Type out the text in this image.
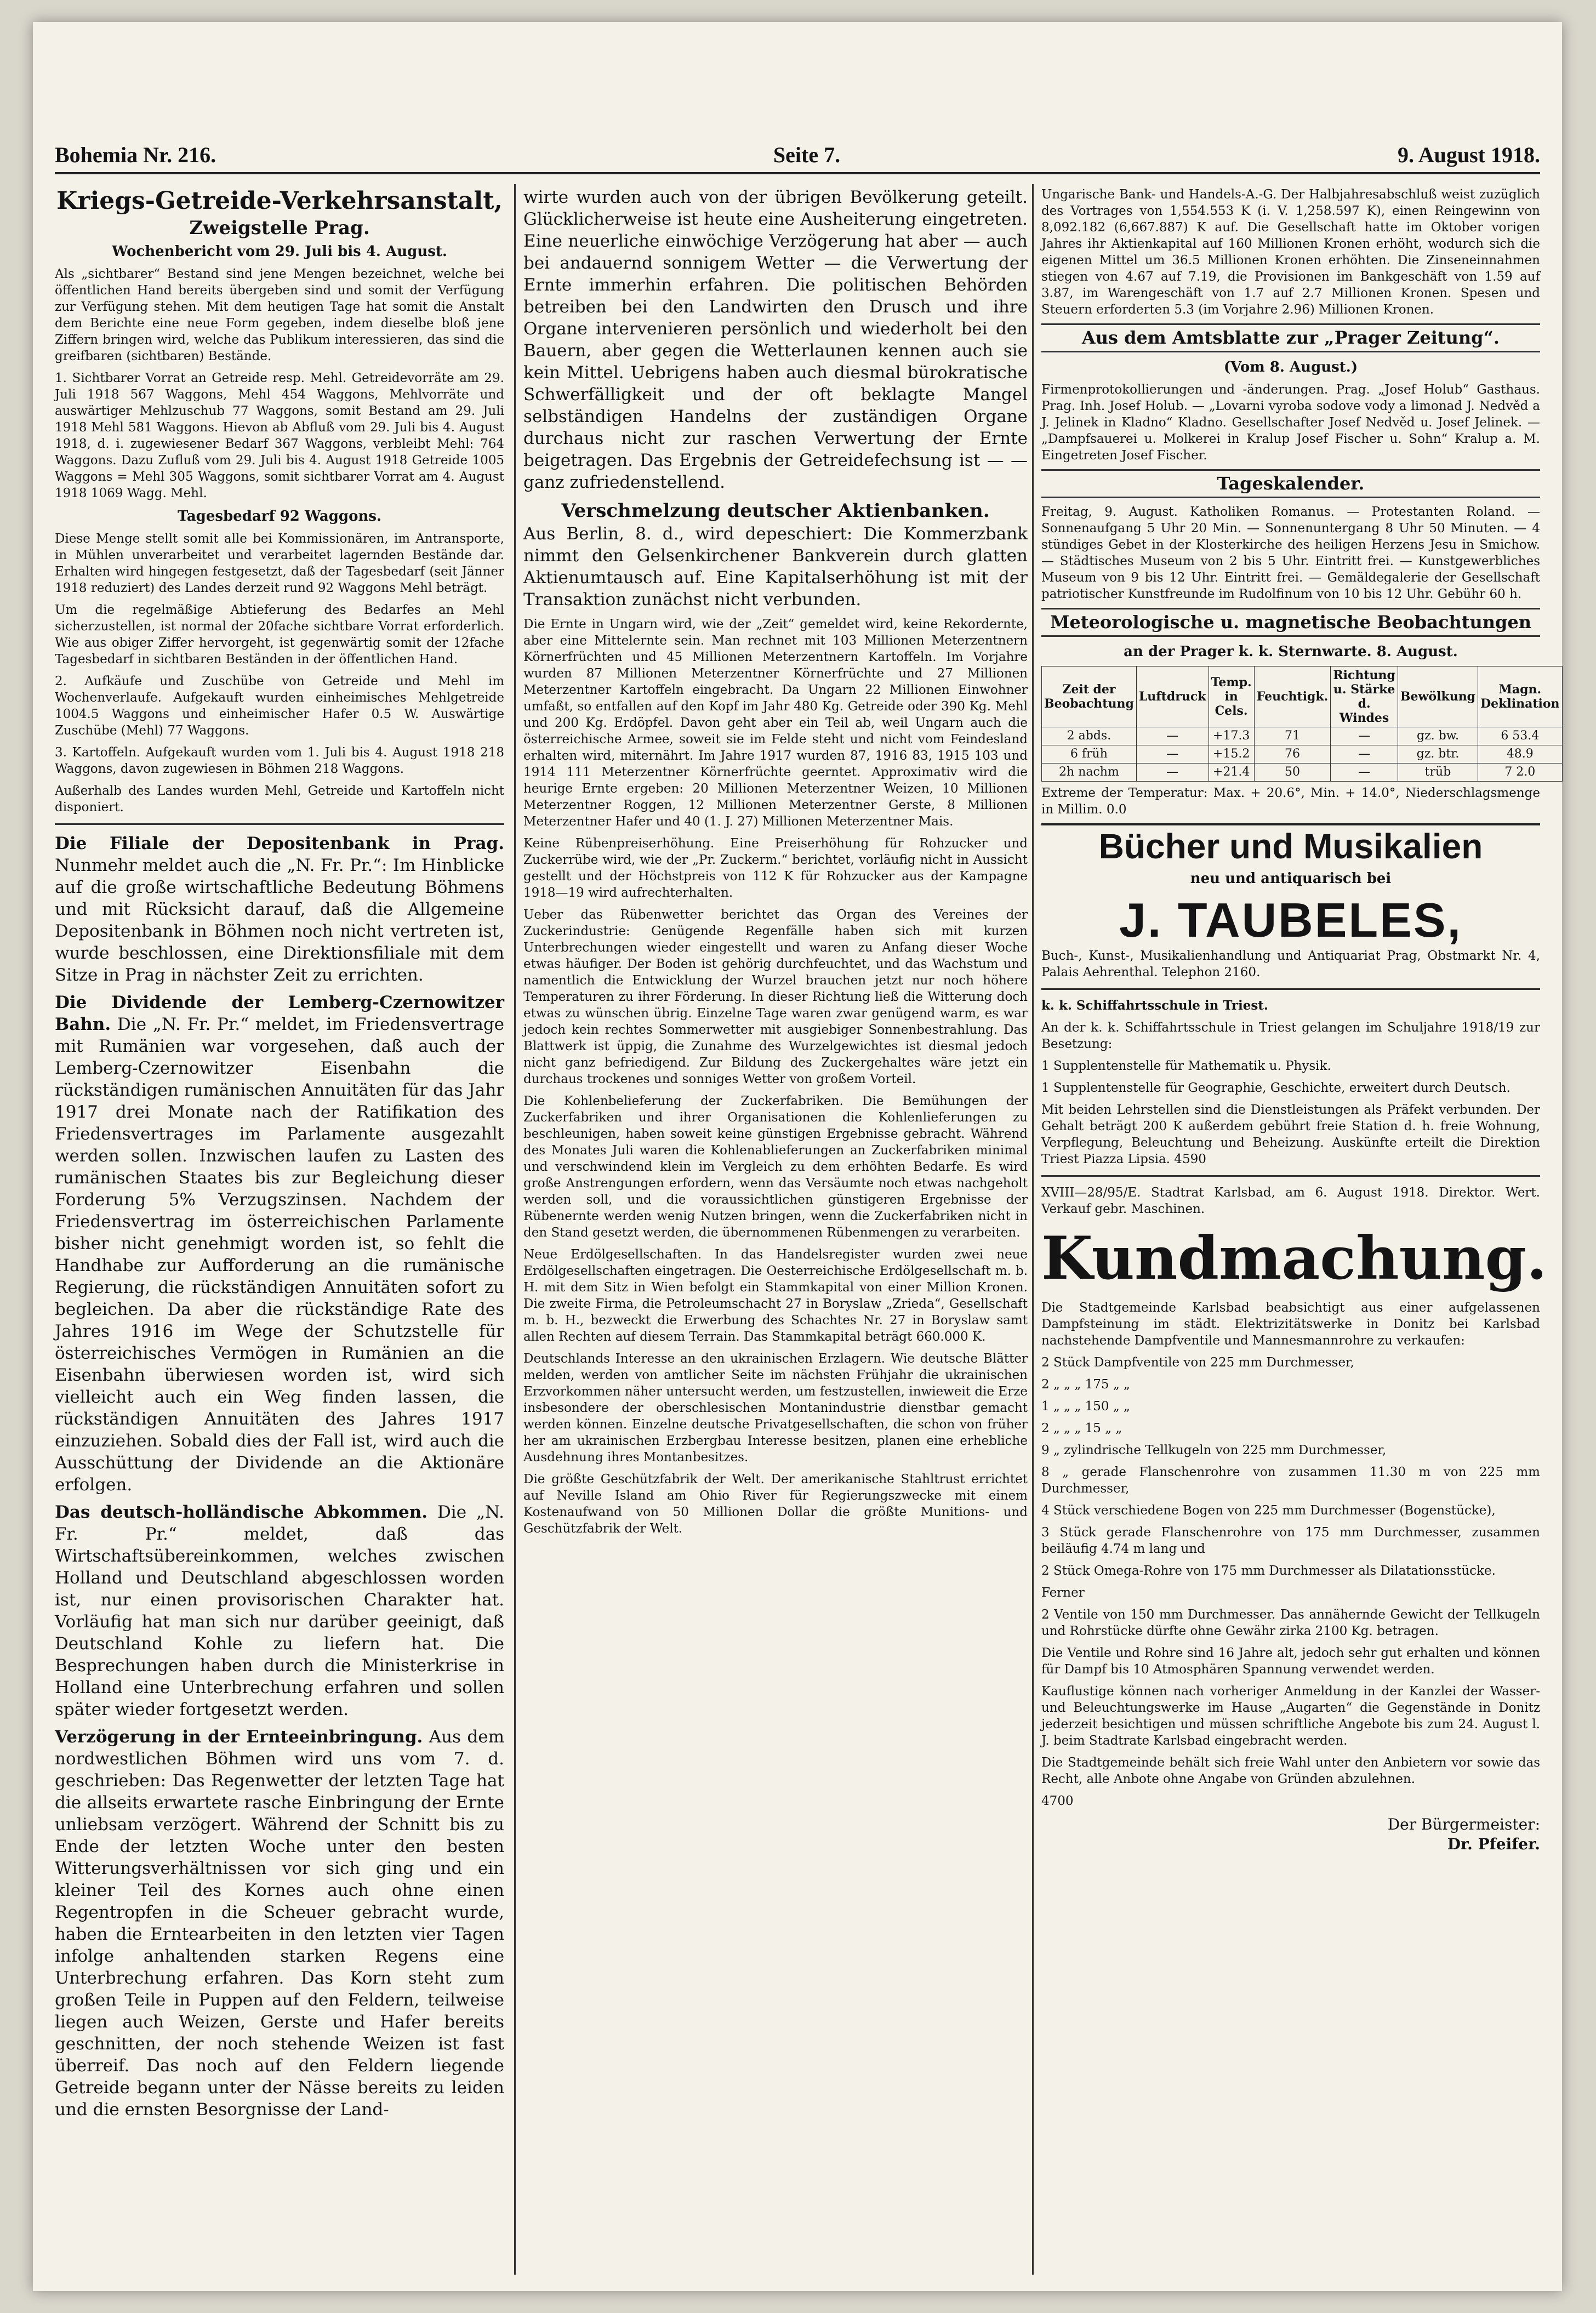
Bohemia Nr. 216.	Seite 7.	9. August 1918.
Kriegs-Getreide-Verkehrsanstalt,
Zweigstelle Prag.
Wochenbericht vom 29. Juli bis 4. August.

Als „sichtbarer“ Bestand sind jene Mengen bezeichnet, welche bei öffentlichen Hand bereits übergeben sind und somit der Verfügung zur Verfügung stehen. Mit dem heutigen Tage hat somit die Anstalt dem Berichte eine neue Form gegeben, indem dieselbe bloß jene Ziffern bringen wird, welche das Publikum interessieren, das sind die greifbaren (sichtbaren) Bestände.

1. Sichtbarer Vorrat an Getreide resp. Mehl. Getreidevorräte am 29. Juli 1918 567 Waggons, Mehl 454 Waggons, Mehlvorräte und auswärtiger Mehlzuschub 77 Waggons, somit Bestand am 29. Juli 1918 Mehl 581 Waggons. Hievon ab Abfluß vom 29. Juli bis 4. August 1918, d. i. zugewiesener Bedarf 367 Waggons, verbleibt Mehl: 764 Waggons. Dazu Zufluß vom 29. Juli bis 4. August 1918 Getreide 1005 Waggons = Mehl 305 Waggons, somit sichtbarer Vorrat am 4. August 1918 1069 Wagg. Mehl.

Tagesbedarf 92 Waggons.

Diese Menge stellt somit alle bei Kommissionären, im Antransporte, in Mühlen unverarbeitet und verarbeitet lagernden Bestände dar. Erhalten wird hingegen festgesetzt, daß der Tagesbedarf (seit Jänner 1918 reduziert) des Landes derzeit rund 92 Waggons Mehl beträgt.

Um die regelmäßige Abtieferung des Bedarfes an Mehl sicherzustellen, ist normal der 20fache sichtbare Vorrat erforderlich. Wie aus obiger Ziffer hervorgeht, ist gegenwärtig somit der 12fache Tagesbedarf in sichtbaren Beständen in der öffentlichen Hand.

2. Aufkäufe und Zuschübe von Getreide und Mehl im Wochenverlaufe. Aufgekauft wurden einheimisches Mehlgetreide 1004.5 Waggons und einheimischer Hafer 0.5 W. Auswärtige Zuschübe (Mehl) 77 Waggons.

3. Kartoffeln. Aufgekauft wurden vom 1. Juli bis 4. August 1918 218 Waggons, davon zugewiesen in Böhmen 218 Waggons.

Außerhalb des Landes wurden Mehl, Getreide und Kartoffeln nicht disponiert.

Die Filiale der Depositenbank in Prag. Nunmehr meldet auch die „N. Fr. Pr.“: Im Hinblicke auf die große wirtschaftliche Bedeutung Böhmens und mit Rücksicht darauf, daß die Allgemeine Depositenbank in Böhmen noch nicht vertreten ist, wurde beschlossen, eine Direktionsfiliale mit dem Sitze in Prag in nächster Zeit zu errichten.

Die Dividende der Lemberg-Czernowitzer Bahn. Die „N. Fr. Pr.“ meldet, im Friedensvertrage mit Rumänien war vorgesehen, daß auch der Lemberg-Czernowitzer Eisenbahn die rückständigen rumänischen Annuitäten für das Jahr 1917 drei Monate nach der Ratifikation des Friedensvertrages im Parlamente ausgezahlt werden sollen. Inzwischen laufen zu Lasten des rumänischen Staates bis zur Begleichung dieser Forderung 5% Verzugszinsen. Nachdem der Friedensvertrag im österreichischen Parlamente bisher nicht genehmigt worden ist, so fehlt die Handhabe zur Aufforderung an die rumänische Regierung, die rückständigen Annuitäten sofort zu begleichen. Da aber die rückständige Rate des Jahres 1916 im Wege der Schutzstelle für österreichisches Vermögen in Rumänien an die Eisenbahn überwiesen worden ist, wird sich vielleicht auch ein Weg finden lassen, die rückständigen Annuitäten des Jahres 1917 einzuziehen. Sobald dies der Fall ist, wird auch die Ausschüttung der Dividende an die Aktionäre erfolgen.

Das deutsch-holländische Abkommen. Die „N. Fr. Pr.“ meldet, daß das Wirtschaftsübereinkommen, welches zwischen Holland und Deutschland abgeschlossen worden ist, nur einen provisorischen Charakter hat. Vorläufig hat man sich nur darüber geeinigt, daß Deutschland Kohle zu liefern hat. Die Besprechungen haben durch die Ministerkrise in Holland eine Unterbrechung erfahren und sollen später wieder fortgesetzt werden.

Verzögerung in der Ernteeinbringung. Aus dem nordwestlichen Böhmen wird uns vom 7. d. geschrieben: Das Regenwetter der letzten Tage hat die allseits erwartete rasche Einbringung der Ernte unliebsam verzögert. Während der Schnitt bis zu Ende der letzten Woche unter den besten Witterungsverhältnissen vor sich ging und ein kleiner Teil des Kornes auch ohne einen Regentropfen in die Scheuer gebracht wurde, haben die Erntearbeiten in den letzten vier Tagen infolge anhaltenden starken Regens eine Unterbrechung erfahren. Das Korn steht zum großen Teile in Puppen auf den Feldern, teilweise liegen auch Weizen, Gerste und Hafer bereits geschnitten, der noch stehende Weizen ist fast überreif. Das noch auf den Feldern liegende Getreide begann unter der Nässe bereits zu leiden und die ernsten Besorgnisse der Land-

wirte wurden auch von der übrigen Bevölkerung geteilt. Glücklicherweise ist heute eine Ausheiterung eingetreten. Eine neuerliche einwöchige Verzögerung hat aber — auch bei andauernd sonnigem Wetter — die Verwertung der Ernte immerhin erfahren. Die politischen Behörden betreiben bei den Landwirten den Drusch und ihre Organe intervenieren persönlich und wiederholt bei den Bauern, aber gegen die Wetterlaunen kennen auch sie kein Mittel. Uebrigens haben auch diesmal bürokratische Schwerfälligkeit und der oft beklagte Mangel selbständigen Handelns der zuständigen Organe durchaus nicht zur raschen Verwertung der Ernte beigetragen. Das Ergebnis der Getreidefechsung ist — — ganz zufriedenstellend.

Verschmelzung deutscher Aktienbanken.

Aus Berlin, 8. d., wird depeschiert: Die Kommerzbank nimmt den Gelsenkirchener Bankverein durch glatten Aktienumtausch auf. Eine Kapitalserhöhung ist mit der Transaktion zunächst nicht verbunden.

Die Ernte in Ungarn wird, wie der „Zeit“ gemeldet wird, keine Rekordernte, aber eine Mittelernte sein. Man rechnet mit 103 Millionen Meterzentnern Körnerfrüchten und 45 Millionen Meterzentnern Kartoffeln. Im Vorjahre wurden 87 Millionen Meterzentner Körnerfrüchte und 27 Millionen Meterzentner Kartoffeln eingebracht. Da Ungarn 22 Millionen Einwohner umfaßt, so entfallen auf den Kopf im Jahr 480 Kg. Getreide oder 390 Kg. Mehl und 200 Kg. Erdöpfel. Davon geht aber ein Teil ab, weil Ungarn auch die österreichische Armee, soweit sie im Felde steht und nicht vom Feindesland erhalten wird, miternährt. Im Jahre 1917 wurden 87, 1916 83, 1915 103 und 1914 111 Meterzentner Körnerfrüchte geerntet. Approximativ wird die heurige Ernte ergeben: 20 Millionen Meterzentner Weizen, 10 Millionen Meterzentner Roggen, 12 Millionen Meterzentner Gerste, 8 Millionen Meterzentner Hafer und 40 (1. J. 27) Millionen Meterzentner Mais.

Keine Rübenpreiserhöhung. Eine Preiserhöhung für Rohzucker und Zuckerrübe wird, wie der „Pr. Zuckerm.“ berichtet, vorläufig nicht in Aussicht gestellt und der Höchstpreis von 112 K für Rohzucker aus der Kampagne 1918—19 wird aufrechterhalten.

Ueber das Rübenwetter berichtet das Organ des Vereines der Zuckerindustrie: Genügende Regenfälle haben sich mit kurzen Unterbrechungen wieder eingestellt und waren zu Anfang dieser Woche etwas häufiger. Der Boden ist gehörig durchfeuchtet, und das Wachstum und namentlich die Entwicklung der Wurzel brauchen jetzt nur noch höhere Temperaturen zu ihrer Förderung. In dieser Richtung ließ die Witterung doch etwas zu wünschen übrig. Einzelne Tage waren zwar genügend warm, es war jedoch kein rechtes Sommerwetter mit ausgiebiger Sonnenbestrahlung. Das Blattwerk ist üppig, die Zunahme des Wurzelgewichtes ist diesmal jedoch nicht ganz befriedigend. Zur Bildung des Zuckergehaltes wäre jetzt ein durchaus trockenes und sonniges Wetter von großem Vorteil.

Die Kohlenbelieferung der Zuckerfabriken. Die Bemühungen der Zuckerfabriken und ihrer Organisationen die Kohlenlieferungen zu beschleunigen, haben soweit keine günstigen Ergebnisse gebracht. Während des Monates Juli waren die Kohlenablieferungen an Zuckerfabriken minimal und verschwindend klein im Vergleich zu dem erhöhten Bedarfe. Es wird große Anstrengungen erfordern, wenn das Versäumte noch etwas nachgeholt werden soll, und die voraussichtlichen günstigeren Ergebnisse der Rübenernte werden wenig Nutzen bringen, wenn die Zuckerfabriken nicht in den Stand gesetzt werden, die übernommenen Rübenmengen zu verarbeiten.

Neue Erdölgesellschaften. In das Handelsregister wurden zwei neue Erdölgesellschaften eingetragen. Die Oesterreichische Erdölgesellschaft m. b. H. mit dem Sitz in Wien befolgt ein Stammkapital von einer Million Kronen. Die zweite Firma, die Petroleumschacht 27 in Boryslaw „Zrieda“, Gesellschaft m. b. H., bezweckt die Erwerbung des Schachtes Nr. 27 in Boryslaw samt allen Rechten auf diesem Terrain. Das Stammkapital beträgt 660.000 K.

Deutschlands Interesse an den ukrainischen Erzlagern. Wie deutsche Blätter melden, werden von amtlicher Seite im nächsten Frühjahr die ukrainischen Erzvorkommen näher untersucht werden, um festzustellen, inwieweit die Erze insbesondere der oberschlesischen Montanindustrie dienstbar gemacht werden können. Einzelne deutsche Privatgesellschaften, die schon von früher her am ukrainischen Erzbergbau Interesse besitzen, planen eine erhebliche Ausdehnung ihres Montanbesitzes.

Die größte Geschützfabrik der Welt. Der amerikanische Stahltrust errichtet auf Neville Island am Ohio River für Regierungszwecke mit einem Kostenaufwand von 50 Millionen Dollar die größte Munitions- und Geschützfabrik der Welt.

Ungarische Bank- und Handels-A.-G. Der Halbjahresabschluß weist zuzüglich des Vortrages von 1,554.553 K (i. V. 1,258.597 K), einen Reingewinn von 8,092.182 (6,667.887) K auf. Die Gesellschaft hatte im Oktober vorigen Jahres ihr Aktienkapital auf 160 Millionen Kronen erhöht, wodurch sich die eigenen Mittel um 36.5 Millionen Kronen erhöhten. Die Zinseneinnahmen stiegen von 4.67 auf 7.19, die Provisionen im Bankgeschäft von 1.59 auf 3.87, im Warengeschäft von 1.7 auf 2.7 Millionen Kronen. Spesen und Steuern erforderten 5.3 (im Vorjahre 2.96) Millionen Kronen.

Aus dem Amtsblatte zur „Prager Zeitung“.
(Vom 8. August.)

Firmenprotokollierungen und -änderungen. Prag. „Josef Holub“ Gasthaus. Prag. Inh. Josef Holub. — „Lovarni vyroba sodove vody a limonad J. Nedvěd a J. Jelinek in Kladno“ Kladno. Gesellschafter Josef Nedvěd u. Josef Jelinek. — „Dampfsauerei u. Molkerei in Kralup Josef Fischer u. Sohn“ Kralup a. M. Eingetreten Josef Fischer.

Tageskalender.

Freitag, 9. August. Katholiken Romanus. — Protestanten Roland. — Sonnenaufgang 5 Uhr 20 Min. — Sonnenuntergang 8 Uhr 50 Minuten. — 4 stündiges Gebet in der Klosterkirche des heiligen Herzens Jesu in Smichow. — Städtisches Museum von 2 bis 5 Uhr. Eintritt frei. — Kunstgewerbliches Museum von 9 bis 12 Uhr. Eintritt frei. — Gemäldegalerie der Gesellschaft patriotischer Kunstfreunde im Rudolfinum von 10 bis 12 Uhr. Gebühr 60 h.

Meteorologische u. magnetische Beobachtungen
an der Prager k. k. Sternwarte. 8. August.
Zeit der Beobachtung	Luftdruck	Temp. in Cels.	Feuchtigk.	Richtung u. Stärke d. Windes	Bewölkung	Magn. Deklination
2 abds.	—	+17.3	71	—	gz. bw.	6 53.4
6 früh	—	+15.2	76	—	gz. btr.	48.9
2h nachm	—	+21.4	50	—	trüb	7 2.0

Extreme der Temperatur: Max. + 20.6°, Min. + 14.0°, Niederschlagsmenge in Millim. 0.0

Bücher und Musikalien
neu und antiquarisch bei
J. TAUBELES,

Buch-, Kunst-, Musikalienhandlung und Antiquariat Prag, Obstmarkt Nr. 4, Palais Aehrenthal. Telephon 2160.

k. k. Schiffahrtsschule in Triest.

An der k. k. Schiffahrtsschule in Triest gelangen im Schuljahre 1918/19 zur Besetzung:

1 Supplentenstelle für Mathematik u. Physik.

1 Supplentenstelle für Geographie, Geschichte, erweitert durch Deutsch.

Mit beiden Lehrstellen sind die Dienstleistungen als Präfekt verbunden. Der Gehalt beträgt 200 K außerdem gebührt freie Station d. h. freie Wohnung, Verpflegung, Beleuchtung und Beheizung. Auskünfte erteilt die Direktion Triest Piazza Lipsia. 4590

XVIII—28/95/E. Stadtrat Karlsbad, am 6. August 1918. Direktor. Wert. Verkauf gebr. Maschinen.

Kundmachung.

Die Stadtgemeinde Karlsbad beabsichtigt aus einer aufgelassenen Dampfsteinung im städt. Elektrizitätswerke in Donitz bei Karlsbad nachstehende Dampfventile und Mannesmannrohre zu verkaufen:

2 Stück Dampfventile von 225 mm Durchmesser,

2 „ „ „ 175 „ „

1 „ „ „ 150 „ „

2 „ „ „ 15 „ „

9 „ zylindrische Tellkugeln von 225 mm Durchmesser,

8 „ gerade Flanschenrohre von zusammen 11.30 m von 225 mm Durchmesser,

4 Stück verschiedene Bogen von 225 mm Durchmesser (Bogenstücke),

3 Stück gerade Flanschenrohre von 175 mm Durchmesser, zusammen beiläufig 4.74 m lang und

2 Stück Omega-Rohre von 175 mm Durchmesser als Dilatationsstücke.

Ferner

2 Ventile von 150 mm Durchmesser. Das annähernde Gewicht der Tellkugeln und Rohrstücke dürfte ohne Gewähr zirka 2100 Kg. betragen.

Die Ventile und Rohre sind 16 Jahre alt, jedoch sehr gut erhalten und können für Dampf bis 10 Atmosphären Spannung verwendet werden.

Kauflustige können nach vorheriger Anmeldung in der Kanzlei der Wasser- und Beleuchtungswerke im Hause „Augarten“ die Gegenstände in Donitz jederzeit besichtigen und müssen schriftliche Angebote bis zum 24. August l. J. beim Stadtrate Karlsbad eingebracht werden.

Die Stadtgemeinde behält sich freie Wahl unter den Anbietern vor sowie das Recht, alle Anbote ohne Angabe von Gründen abzulehnen.

4700

Der Bürgermeister:
Dr. Pfeifer.
